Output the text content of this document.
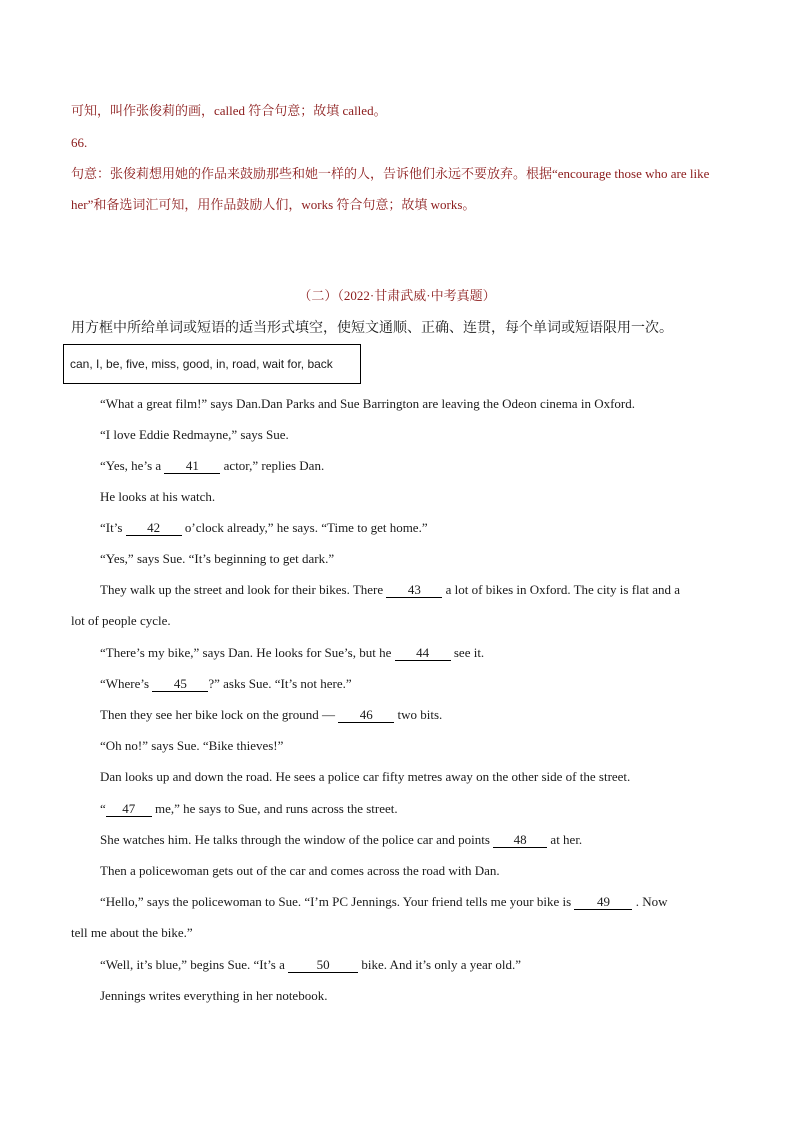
可知，叫作张俊莉的画，called 符合句意；故填 called。
66.
句意：张俊莉想用她的作品来鼓励那些和她一样的人，告诉他们永远不要放弃。根据“encourage those who are like her”和备选词汇可知，用作品鼓励人们，works 符合句意；故填 works。
（二）（2022·甘肃武威·中考真题）
用方框中所给单词或短语的适当形式填空，使短文通顺、正确、连贯，每个单词或短语限用一次。
can, I, be, five, miss, good, in, road, wait for, back
“What a great film!” says Dan.Dan Parks and Sue Barrington are leaving the Odeon cinema in Oxford.
“I love Eddie Redmayne,” says Sue.
“Yes, he’s a 41 actor,” replies Dan.
He looks at his watch.
“It’s 42 o’clock already,” he says. “Time to get home.”
“Yes,” says Sue. “It’s beginning to get dark.”
They walk up the street and look for their bikes. There 43 a lot of bikes in Oxford. The city is flat and a
lot of people cycle.
“There’s my bike,” says Dan. He looks for Sue’s, but he 44 see it.
“Where’s 45 ?” asks Sue. “It’s not here.”
Then they see her bike lock on the ground — 46 two bits.
“Oh no!” says Sue. “Bike thieves!”
Dan looks up and down the road. He sees a police car fifty metres away on the other side of the street.
“ 47 me,” he says to Sue, and runs across the street.
She watches him. He talks through the window of the police car and points 48 at her.
Then a policewoman gets out of the car and comes across the road with Dan.
“Hello,” says the policewoman to Sue. “I’m PC Jennings. Your friend tells me your bike is 49 . Now
tell me about the bike.”
“Well, it’s blue,” begins Sue. “It’s a 50 bike. And it’s only a year old.”
Jennings writes everything in her notebook.
